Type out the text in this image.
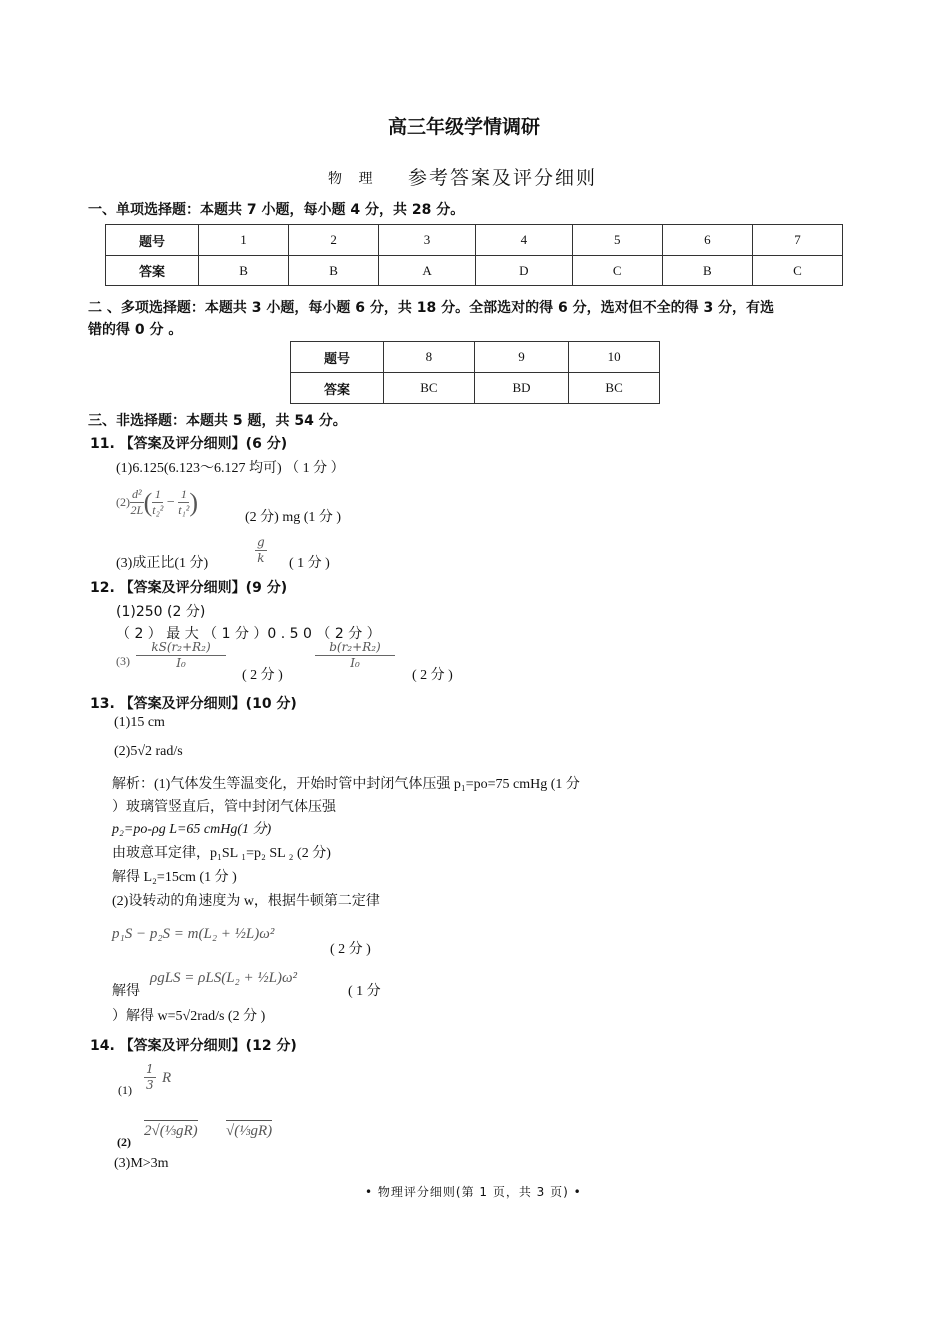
高三年级学情调研
物 理 参考答案及评分细则
一、单项选择题：本题共 7 小题，每小题 4 分，共 28 分。
题号	1	2	3	4	5	6	7
答案	B	B	A	D	C	B	C
二 、多项选择题：本题共 3 小题，每小题 6 分，共 18 分。全部选对的得 6 分，选对但不全的得 3 分，有选
错的得 0 分 。
题号	8	9	10
答案	BC	BD	BC
三、非选择题：本题共 5 题，共 54 分。
11. 【答案及评分细则】(6 分)
(1)6.125(6.123～6.127 均可) （ 1 分 ）
$(2) \frac{\text{d²}}{2L}$ ( $\frac{1}{\text{t₂²}} - \frac{1}{\text{t₁²}}$ )
(2 分) mg (1 分 )
(3)成正比(1 分)	$\frac{g}{k}$ ( 1 分 )
12. 【答案及评分细则】(9 分)
(1)250 (2 分)
（ 2 ） 最 大 （ 1 分 ）0 . 5 0 （ 2 分 ）
$(3) \frac{\text{kS(r₂+R₂)}}{\text{I₀}}$
( 2 分 )
$\frac{\text{b(r₂+R₂)}}{\text{I₀}}$
( 2 分 )
13. 【答案及评分细则】(10 分)
(1)15 cm
(2)5√2 rad/s
解析：(1)气体发生等温变化，开始时管中封闭气体压强 p₁=po=75 cmHg (1 分
）玻璃管竖直后，管中封闭气体压强
p₂=po-ρg L=65 cmHg(1 分)
由玻意耳定律，p₁SL ₁=p₂ SL ₂ (2 分)
解得 L₂=15cm (1 分 )
(2)设转动的角速度为 w，根据牛顿第二定律
p₁S − p₂S = m(L₂ + ½L)ω²
( 2 分 )
解得
ρgLS = ρLS(L₂ + ½L)ω²
( 1 分
）解得 w=5√2rad/s (2 分 )
14. 【答案及评分细则】(12 分)
$(1) \frac{1}{3}$ R
(2)
2√(⅓gR) √(⅓gR)
(3)M>3m
• 物理评分细则(第 1 页，共 3 页) •
